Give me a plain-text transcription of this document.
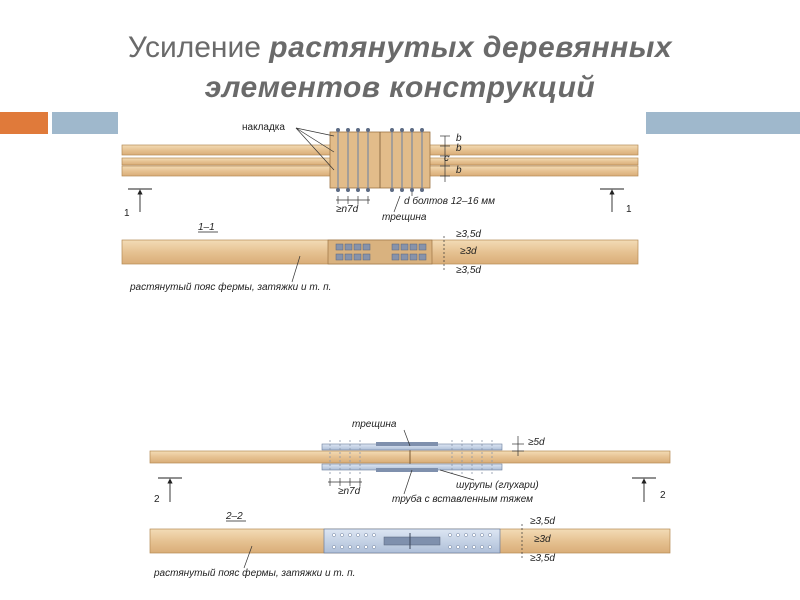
Усиление растянутых деревянных
элементов конструкций
накладка
b
b
c
b
1	1
≥n7d
d болтов 12–16 мм
трещина
1–1
≥3,5d
≥3d
≥3,5d
растянутый пояс фермы, затяжки и т. п.
трещина
≥5d
2	2
≥n7d
шурупы (глухари)
труба с вставленным тяжем
2–2	≥3,5d
≥3d
≥3,5d
растянутый пояс фермы, затяжки и т. п.
